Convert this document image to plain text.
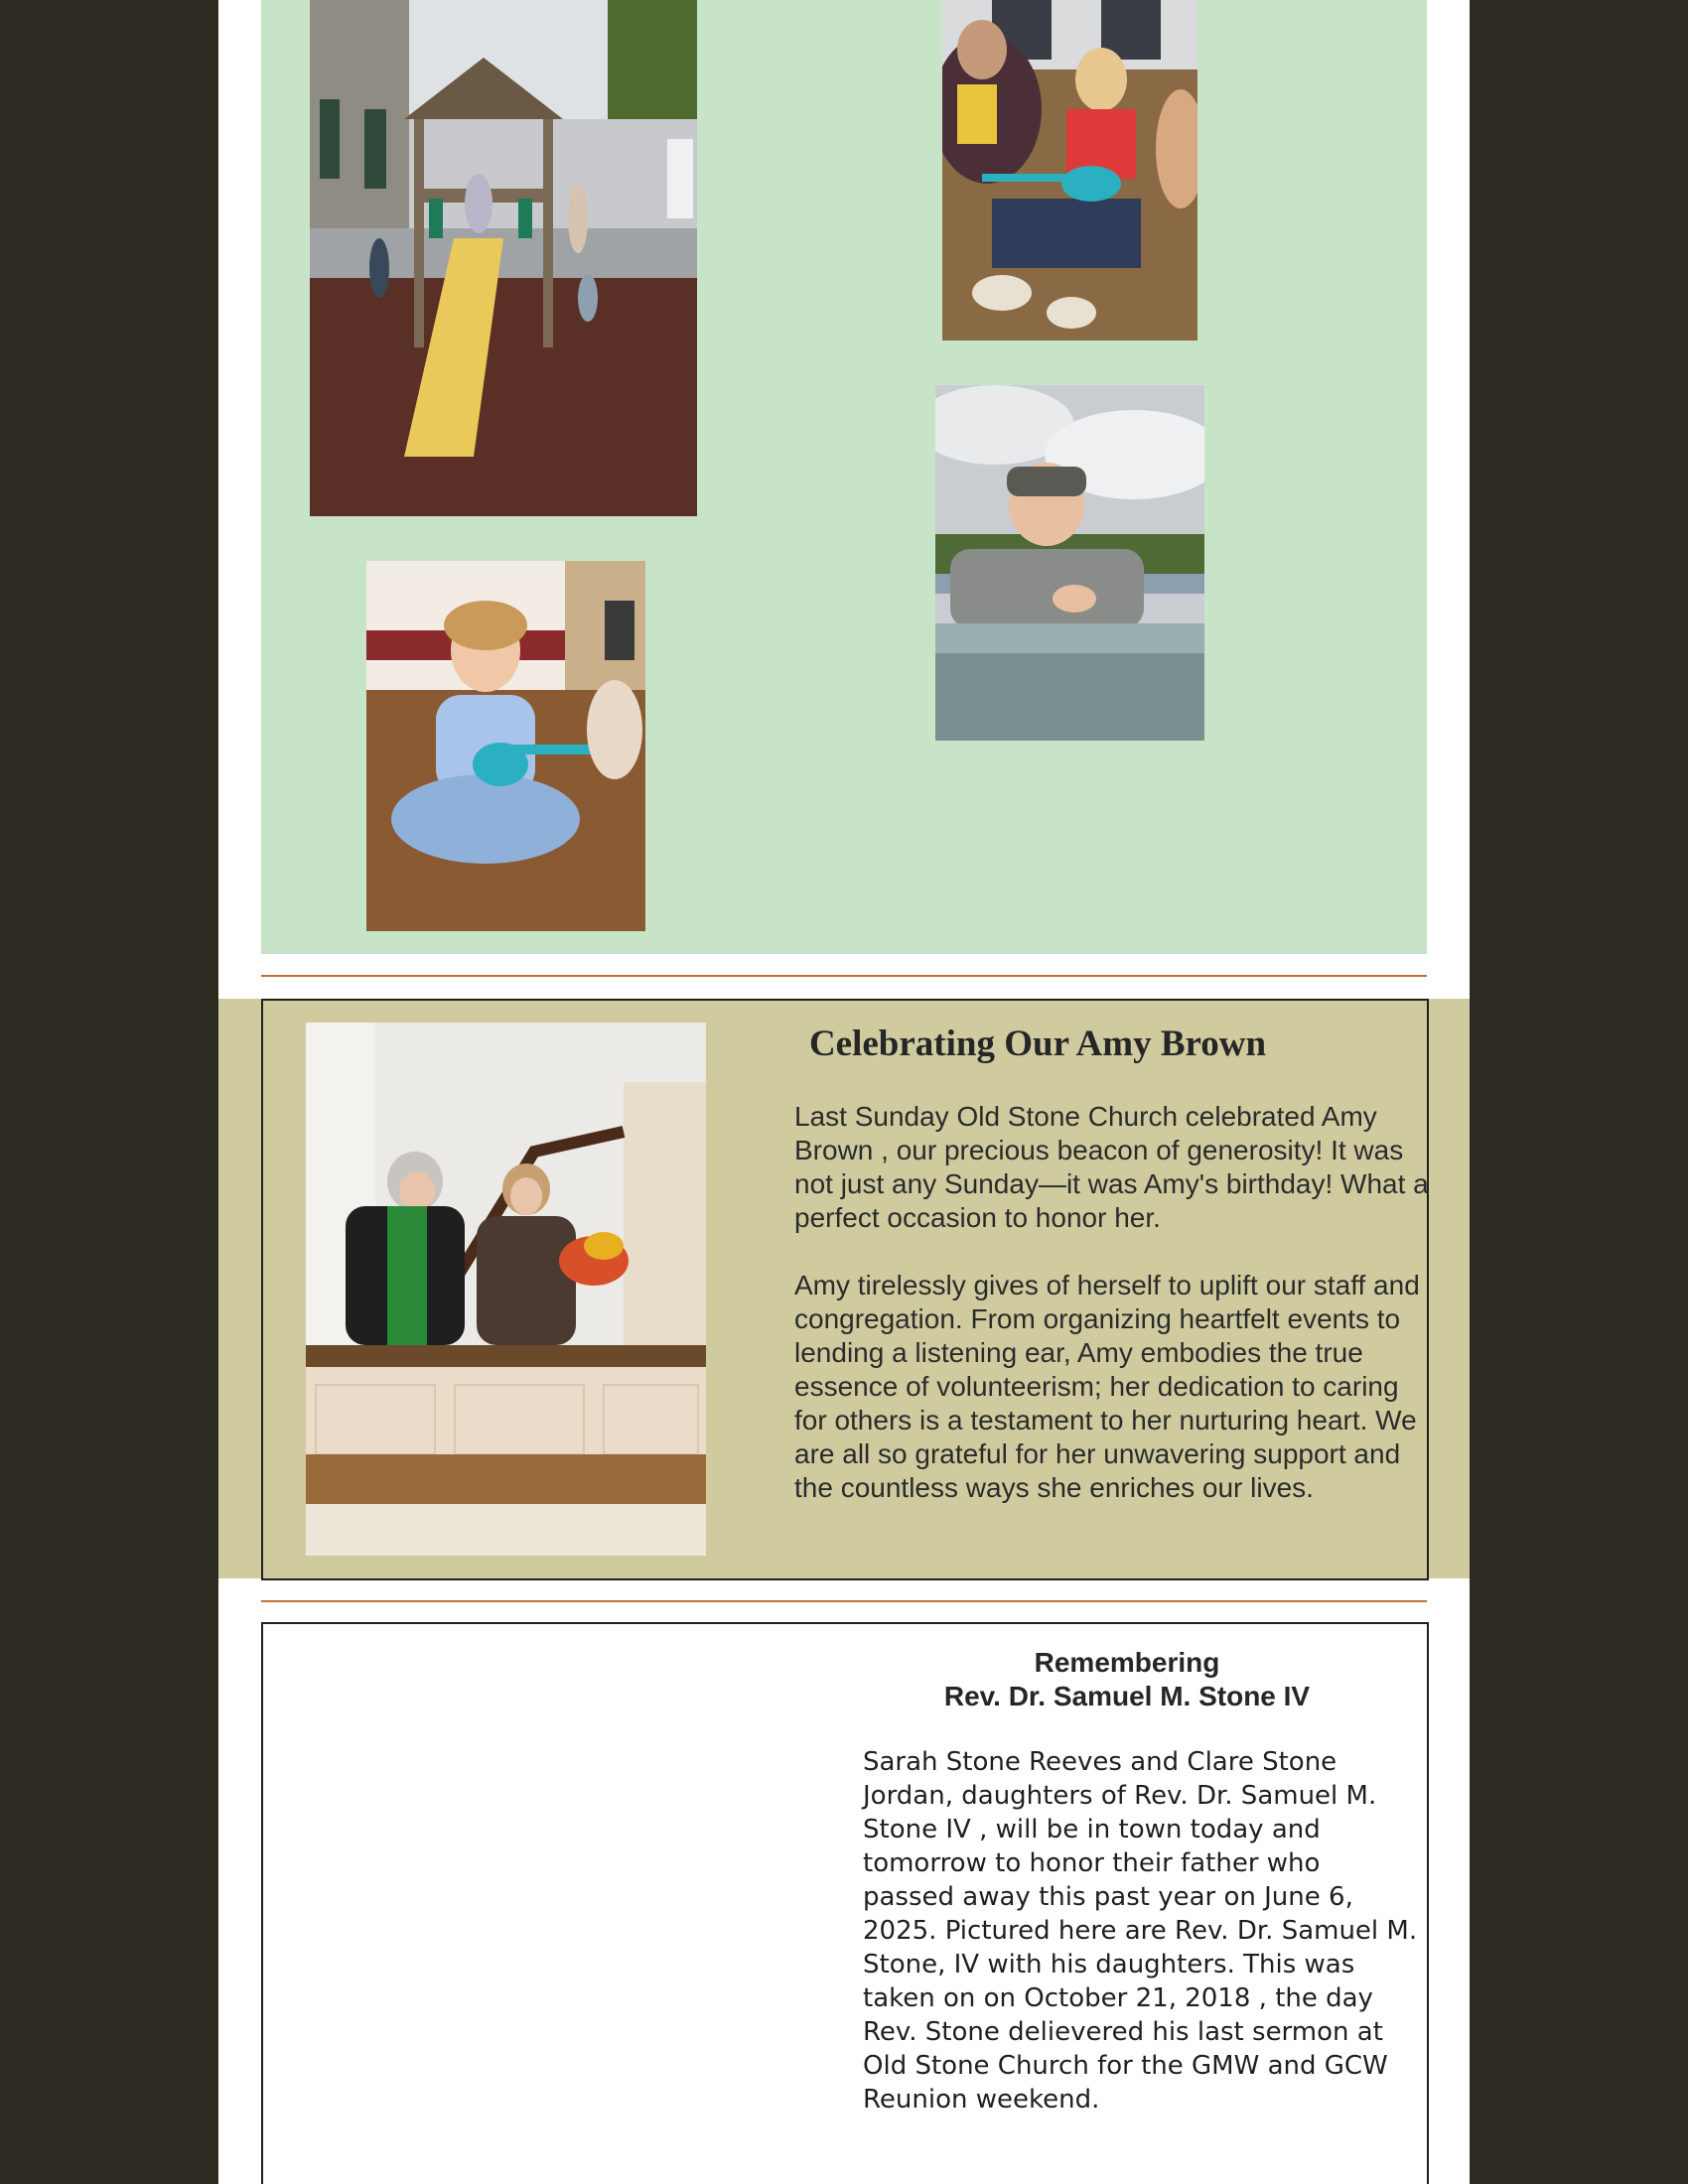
Celebrating Our Amy Brown

Last Sunday Old Stone Church celebrated Amy Brown , our precious beacon of generosity! It was not just any Sunday—it was Amy's birthday! What a perfect occasion to honor her.

Amy tirelessly gives of herself to uplift our staff and congregation. From organizing heartfelt events to lending a listening ear, Amy embodies the true essence of volunteerism; her dedication to caring for others is a testament to her nurturing heart. We are all so grateful for her unwavering support and the countless ways she enriches our lives.

Remembering
Rev. Dr. Samuel M. Stone IV

Sarah Stone Reeves and Clare Stone Jordan, daughters of Rev. Dr. Samuel M. Stone IV , will be in town today and tomorrow to honor their father who passed away this past year on June 6, 2025. Pictured here are Rev. Dr. Samuel M. Stone, IV with his daughters. This was taken on on October 21, 2018 , the day Rev. Stone delievered his last sermon at Old Stone Church for the GMW and GCW Reunion weekend.
